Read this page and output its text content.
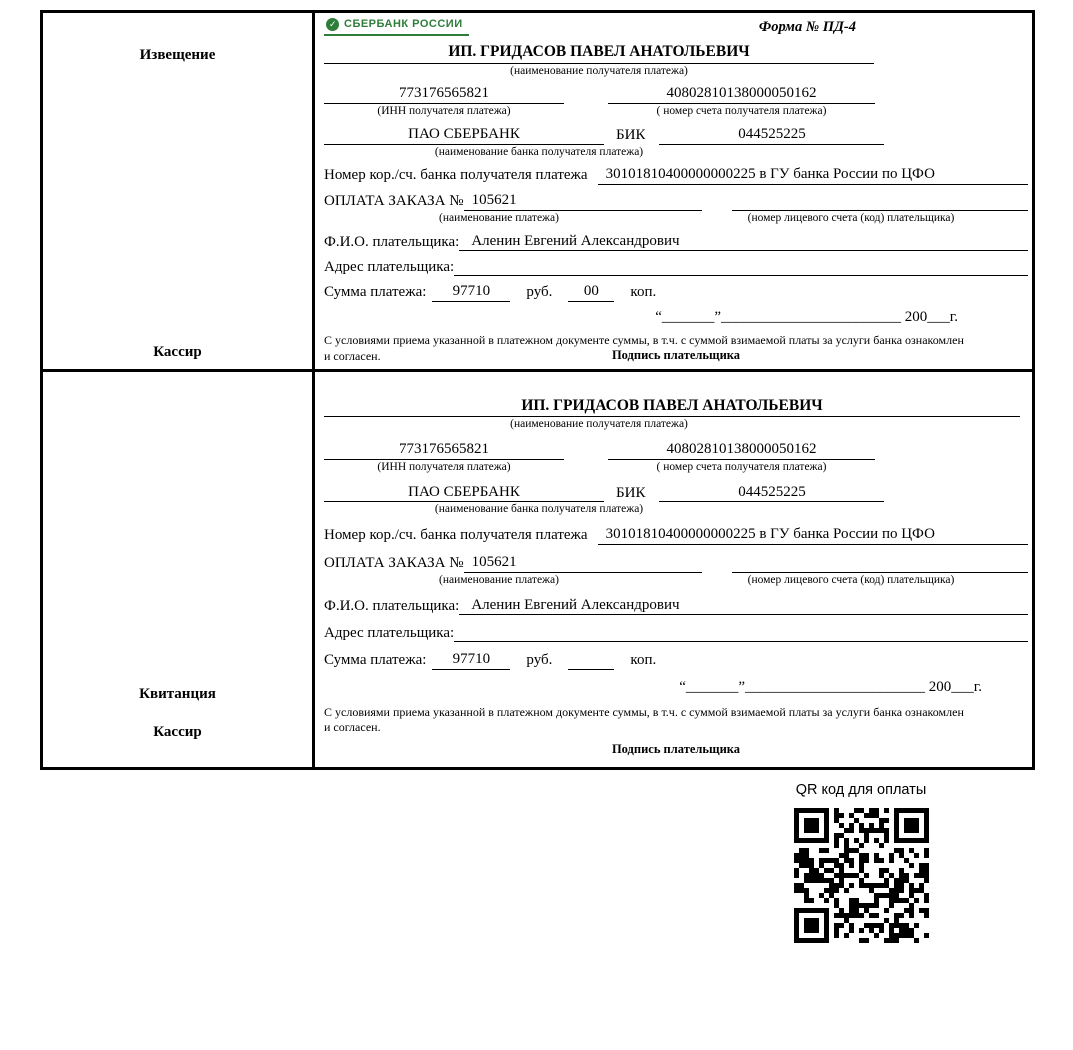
Извещение
Кассир
✓
СБЕРБАНК РОССИИ	Форма № ПД-4
ИП. ГРИДАСОВ ПАВЕЛ АНАТОЛЬЕВИЧ
(наименование получателя платежа)
773176565821	40802810138000050162
(ИНН получателя платежа)	( номер счета получателя платежа)
ПАО СБЕРБАНК	БИК	044525225
(наименование банка получателя платежа)
Номер кор./сч. банка получателя платежа	30101810400000000225 в ГУ банка России по ЦФО
ОПЛАТА ЗАКАЗА № 105621
(наименование платежа)	(номер лицевого счета (код) плательщика)
Ф.И.О. плательщика: Аленин Евгений Александрович
Адрес плательщика:
Сумма платежа:	97710	руб.	00	коп.
“_______”________________________ 200___г.
С условиями приема указанной в платежном документе суммы, в т.ч. с суммой взимаемой платы за услуги банка ознакомлен и согласен.	Подпись плательщика
Квитанция
Кассир
ИП. ГРИДАСОВ ПАВЕЛ АНАТОЛЬЕВИЧ
(наименование получателя платежа)
773176565821	40802810138000050162
(ИНН получателя платежа)	( номер счета получателя платежа)
ПАО СБЕРБАНК	БИК	044525225
(наименование банка получателя платежа)
Номер кор./сч. банка получателя платежа	30101810400000000225 в ГУ банка России по ЦФО
ОПЛАТА ЗАКАЗА № 105621
(наименование платежа)	(номер лицевого счета (код) плательщика)
Ф.И.О. плательщика: Аленин Евгений Александрович
Адрес плательщика:
Сумма платежа:	97710	руб.	коп.
“_______”________________________ 200___г.
С условиями приема указанной в платежном документе суммы, в т.ч. с суммой взимаемой платы за услуги банка ознакомлен и согласен.
Подпись плательщика
QR код для оплаты
